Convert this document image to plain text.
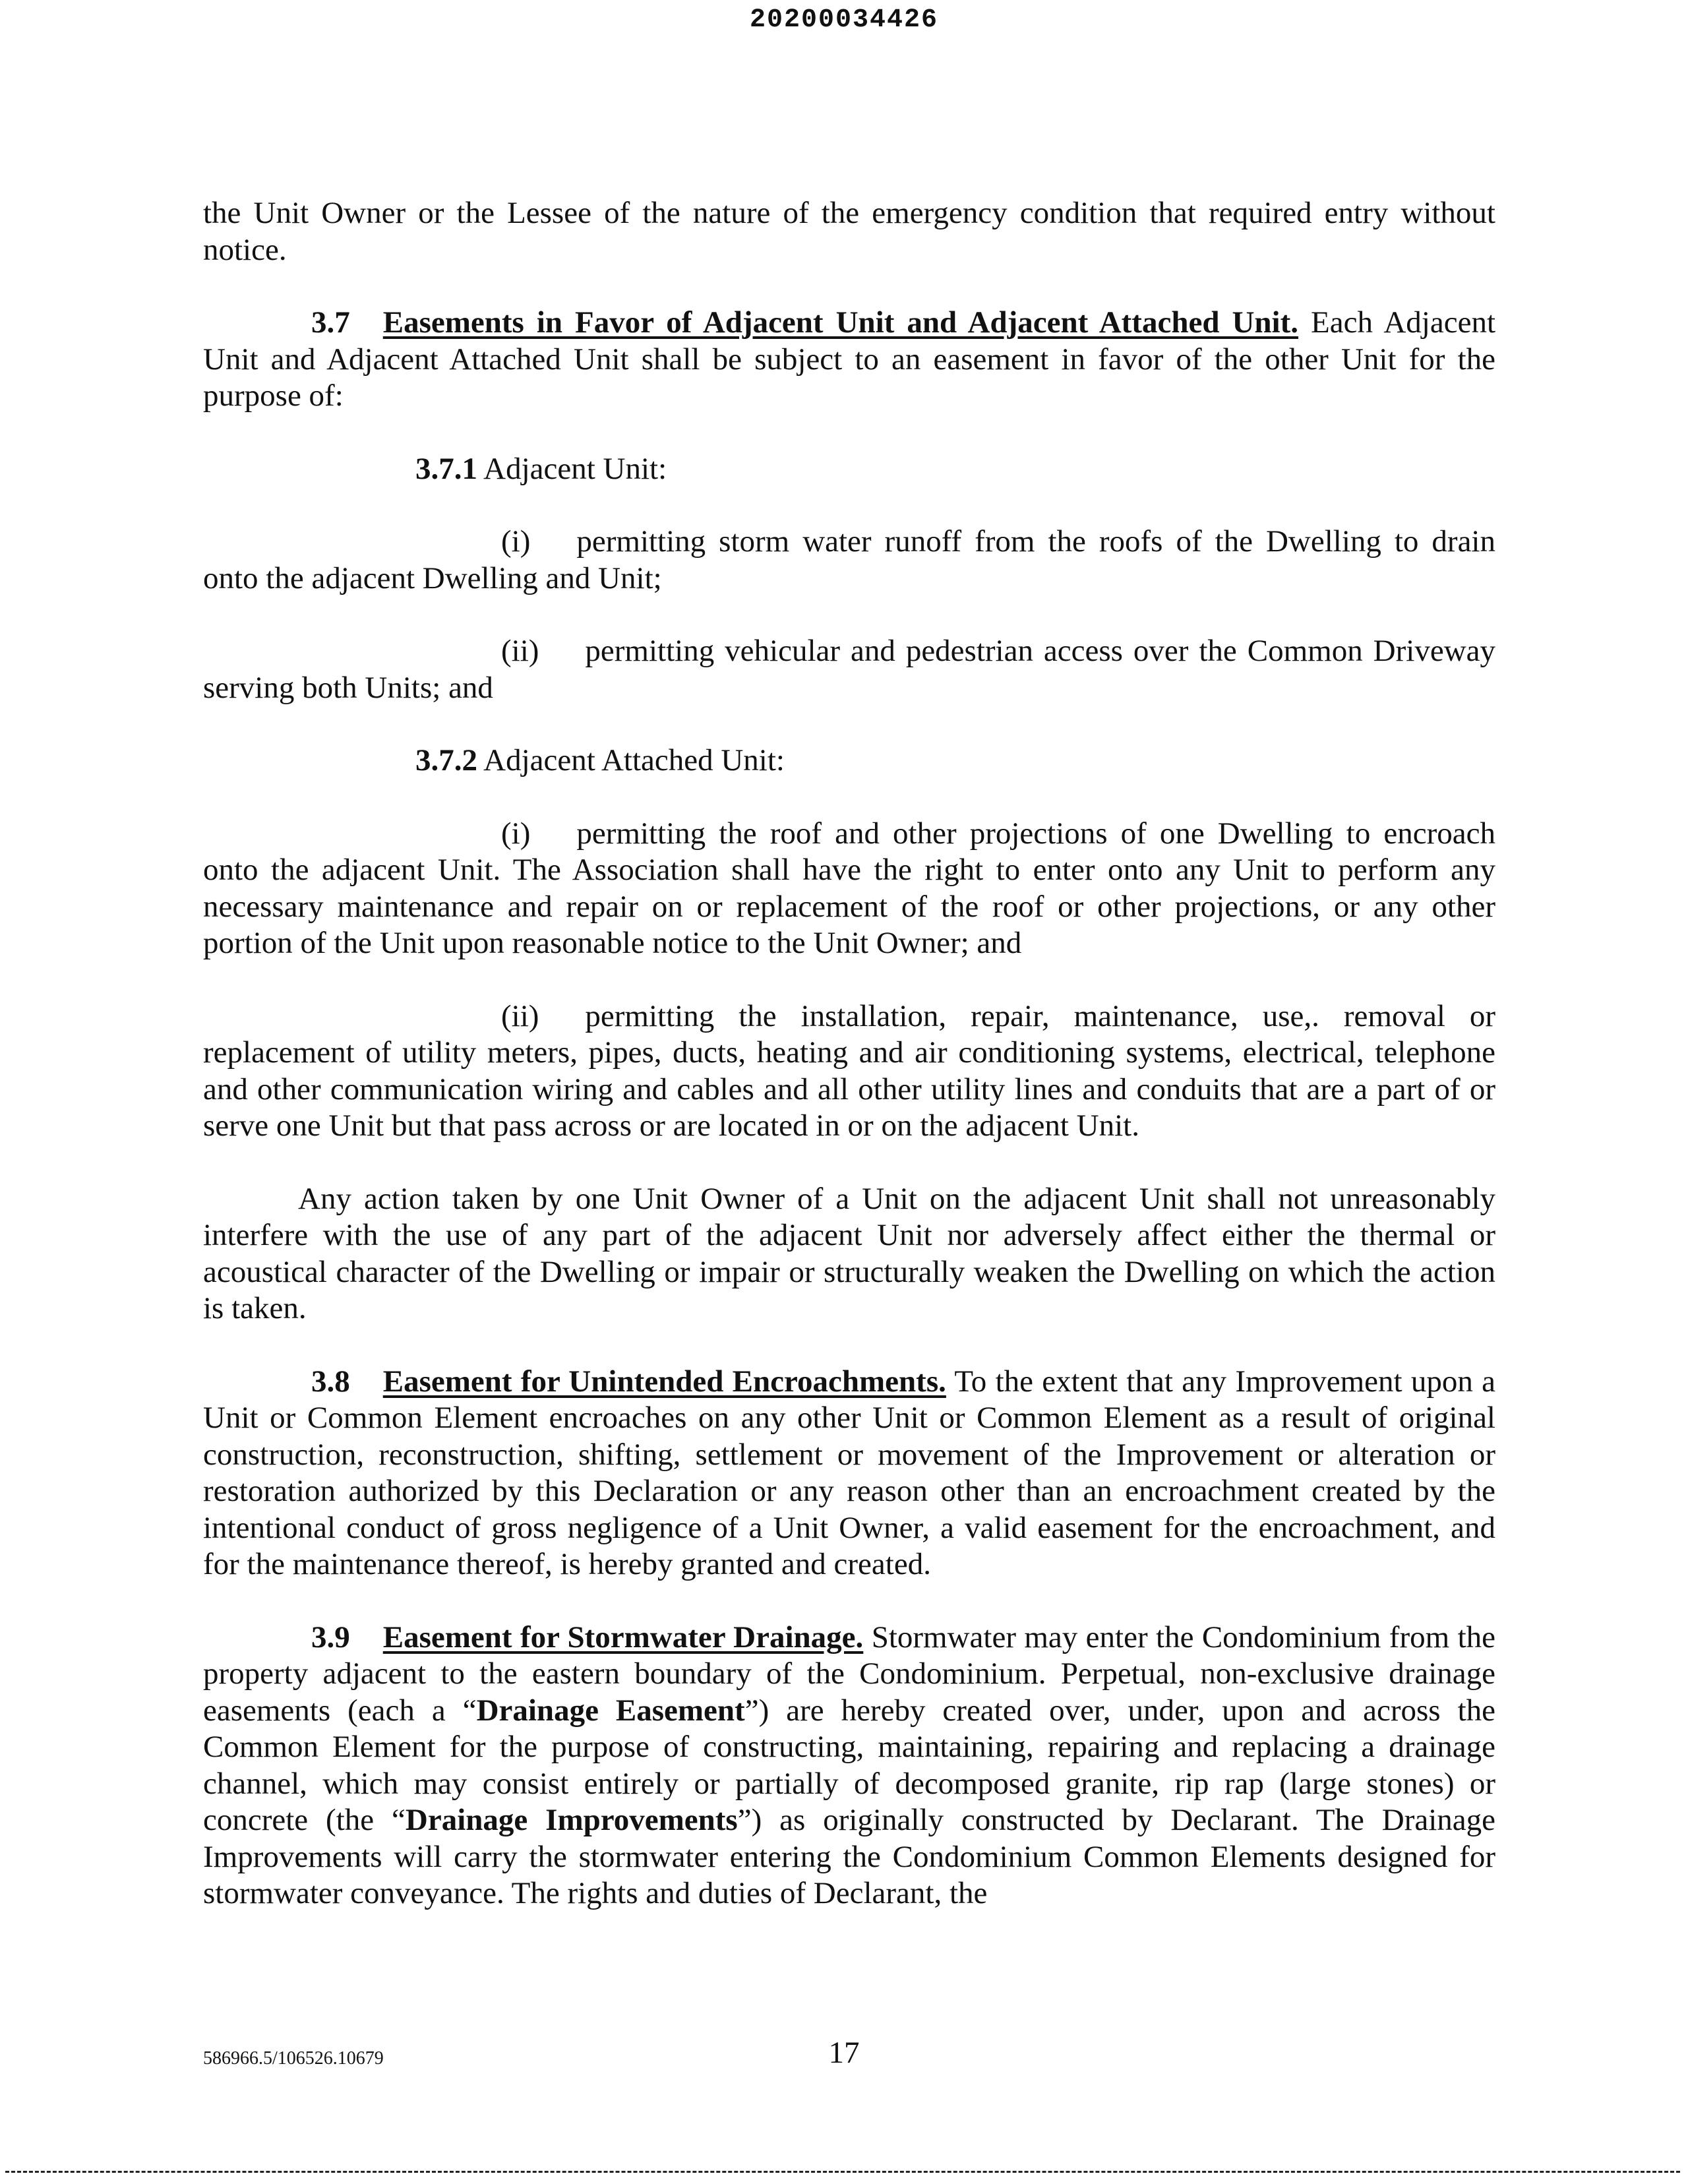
20200034426

the Unit Owner or the Lessee of the nature of the emergency condition that required entry without notice.

3.7 Easements in Favor of Adjacent Unit and Adjacent Attached Unit. Each Adjacent Unit and Adjacent Attached Unit shall be subject to an easement in favor of the other Unit for the purpose of:

3.7.1 Adjacent Unit:

(i) permitting storm water runoff from the roofs of the Dwelling to drain onto the adjacent Dwelling and Unit;

(ii) permitting vehicular and pedestrian access over the Common Driveway serving both Units; and

3.7.2 Adjacent Attached Unit:

(i) permitting the roof and other projections of one Dwelling to encroach onto the adjacent Unit. The Association shall have the right to enter onto any Unit to perform any necessary maintenance and repair on or replacement of the roof or other projections, or any other portion of the Unit upon reasonable notice to the Unit Owner; and

(ii) permitting the installation, repair, maintenance, use,. removal or replacement of utility meters, pipes, ducts, heating and air conditioning systems, electrical, telephone and other communication wiring and cables and all other utility lines and conduits that are a part of or serve one Unit but that pass across or are located in or on the adjacent Unit.

Any action taken by one Unit Owner of a Unit on the adjacent Unit shall not unreasonably interfere with the use of any part of the adjacent Unit nor adversely affect either the thermal or acoustical character of the Dwelling or impair or structurally weaken the Dwelling on which the action is taken.

3.8 Easement for Unintended Encroachments. To the extent that any Improvement upon a Unit or Common Element encroaches on any other Unit or Common Element as a result of original construction, reconstruction, shifting, settlement or movement of the Improvement or alteration or restoration authorized by this Declaration or any reason other than an encroachment created by the intentional conduct of gross negligence of a Unit Owner, a valid easement for the encroachment, and for the maintenance thereof, is hereby granted and created.

3.9 Easement for Stormwater Drainage. Stormwater may enter the Condominium from the property adjacent to the eastern boundary of the Condominium. Perpetual, non-exclusive drainage easements (each a “Drainage Easement”) are hereby created over, under, upon and across the Common Element for the purpose of constructing, maintaining, repairing and replacing a drainage channel, which may consist entirely or partially of decomposed granite, rip rap (large stones) or concrete (the “Drainage Improvements”) as originally constructed by Declarant. The Drainage Improvements will carry the stormwater entering the Condominium Common Elements designed for stormwater conveyance. The rights and duties of Declarant, the

586966.5/106526.10679	17
